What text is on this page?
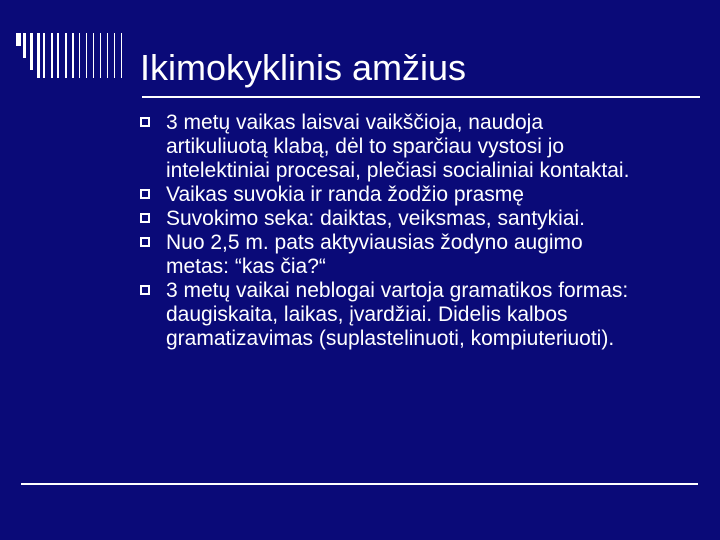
Ikimokyklinis amžius
3 metų vaikas laisvai vaikščioja, naudoja
artikuliuotą klabą, dėl to sparčiau vystosi jo
intelektiniai procesai, plečiasi socialiniai kontaktai.
Vaikas suvokia ir randa žodžio prasmę
Suvokimo seka: daiktas, veiksmas, santykiai.
Nuo 2,5 m. pats aktyviausias žodyno augimo
metas: “kas čia?“
3 metų vaikai neblogai vartoja gramatikos formas:
daugiskaita, laikas, įvardžiai. Didelis kalbos
gramatizavimas (suplastelinuoti, kompiuteriuoti).
